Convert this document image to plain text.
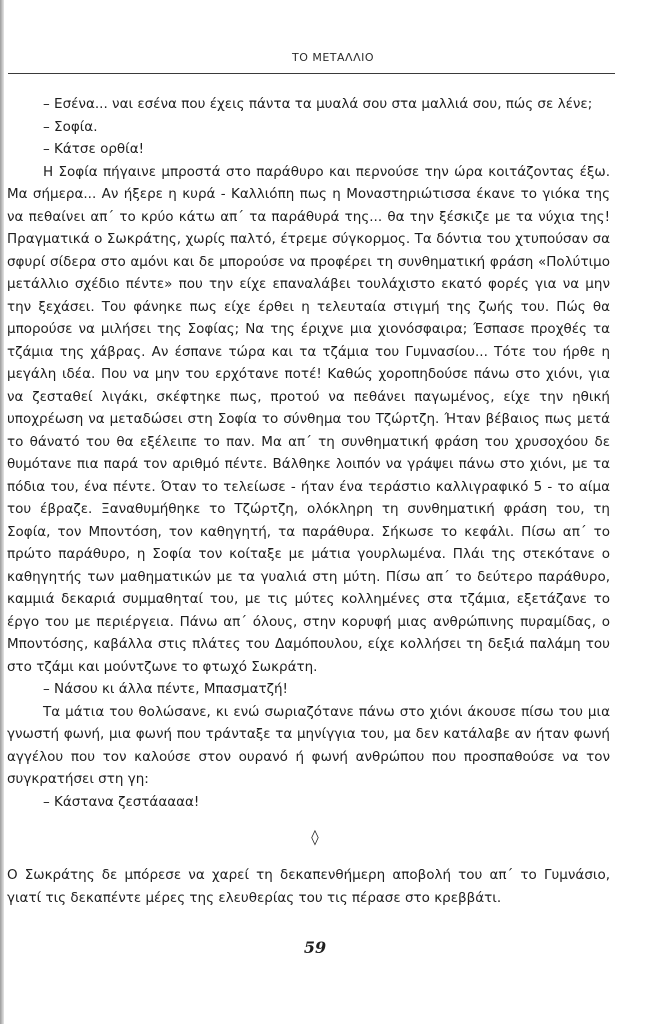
ΤΟ ΜΕΤΑΛΛΙΟ

– Εσένα... ναι εσένα που έχεις πάντα τα μυαλά σου στα μαλλιά σου, πώς σε λένε;

– Σοφία.

– Κάτσε ορθία!

Η Σοφία πήγαινε μπροστά στο παράθυρο και περνούσε την ώρα κοιτάζοντας έξω. Μα σήμερα... Αν ήξερε η κυρά - Καλλιόπη πως η Μοναστηριώτισσα έκανε το γιόκα της να πεθαίνει απ΄ το κρύο κάτω απ΄ τα παράθυρά της... θα την ξέσκιζε με τα νύχια της! Πραγματικά ο Σωκράτης, χωρίς παλτό, έτρεμε σύγκορμος. Τα δόντια του χτυπούσαν σα σφυρί σίδερα στο αμόνι και δε μπορούσε να προφέρει τη συνθηματική φράση «Πολύτιμο μετάλλιο σχέδιο πέντε» που την είχε επαναλάβει τουλάχιστο εκατό φορές για να μην την ξεχάσει. Του φάνηκε πως είχε έρθει η τελευταία στιγμή της ζωής του. Πώς θα μπορούσε να μιλήσει της Σοφίας; Να της έριχνε μια χιονόσφαιρα; Έσπασε προχθές τα τζάμια της χάβρας. Αν έσπανε τώρα και τα τζάμια του Γυμνασίου... Τότε του ήρθε η μεγάλη ιδέα. Που να μην του ερχότανε ποτέ! Καθώς χοροπηδούσε πάνω στο χιόνι, για να ζεσταθεί λιγάκι, σκέφτηκε πως, προτού να πεθάνει παγωμένος, είχε την ηθική υποχρέωση να μεταδώσει στη Σοφία το σύνθημα του Τζώρτζη. Ήταν βέβαιος πως μετά το θάνατό του θα εξέλειπε το παν. Μα απ΄ τη συνθηματική φράση του χρυσοχόου δε θυμότανε πια παρά τον αριθμό πέντε. Βάλθηκε λοιπόν να γράψει πάνω στο χιόνι, με τα πόδια του, ένα πέντε. Όταν το τελείωσε - ήταν ένα τεράστιο καλλιγραφικό 5 - το αίμα του έβραζε. Ξαναθυμήθηκε το Τζώρτζη, ολόκληρη τη συνθηματική φράση του, τη Σοφία, τον Μποντόση, τον καθηγητή, τα παράθυρα. Σήκωσε το κεφάλι. Πίσω απ΄ το πρώτο παράθυρο, η Σοφία τον κοίταξε με μάτια γουρλωμένα. Πλάι της στεκότανε ο καθηγητής των μαθηματικών με τα γυαλιά στη μύτη. Πίσω απ΄ το δεύτερο παράθυρο, καμμιά δεκαριά συμμαθηταί του, με τις μύτες κολλημένες στα τζάμια, εξετάζανε το έργο του με περιέργεια. Πάνω απ΄ όλους, στην κορυφή μιας ανθρώπινης πυραμίδας, ο Μποντόσης, καβάλλα στις πλάτες του Δαμόπουλου, είχε κολλήσει τη δεξιά παλάμη του στο τζάμι και μούντζωνε το φτωχό Σωκράτη.

– Νάσου κι άλλα πέντε, Μπασματζή!

Τα μάτια του θολώσανε, κι ενώ σωριαζότανε πάνω στο χιόνι άκουσε πίσω του μια γνωστή φωνή, μια φωνή που τράνταξε τα μηνίγγια του, μα δεν κατάλαβε αν ήταν φωνή αγγέλου που τον καλούσε στον ουρανό ή φωνή ανθρώπου που προσπαθούσε να τον συγκρατήσει στη γη:

– Κάστανα ζεστάαααα!

◊

Ο Σωκράτης δε μπόρεσε να χαρεί τη δεκαπενθήμερη αποβολή του απ΄ το Γυμνάσιο, γιατί τις δεκαπέντε μέρες της ελευθερίας του τις πέρασε στο κρεββάτι.

59
